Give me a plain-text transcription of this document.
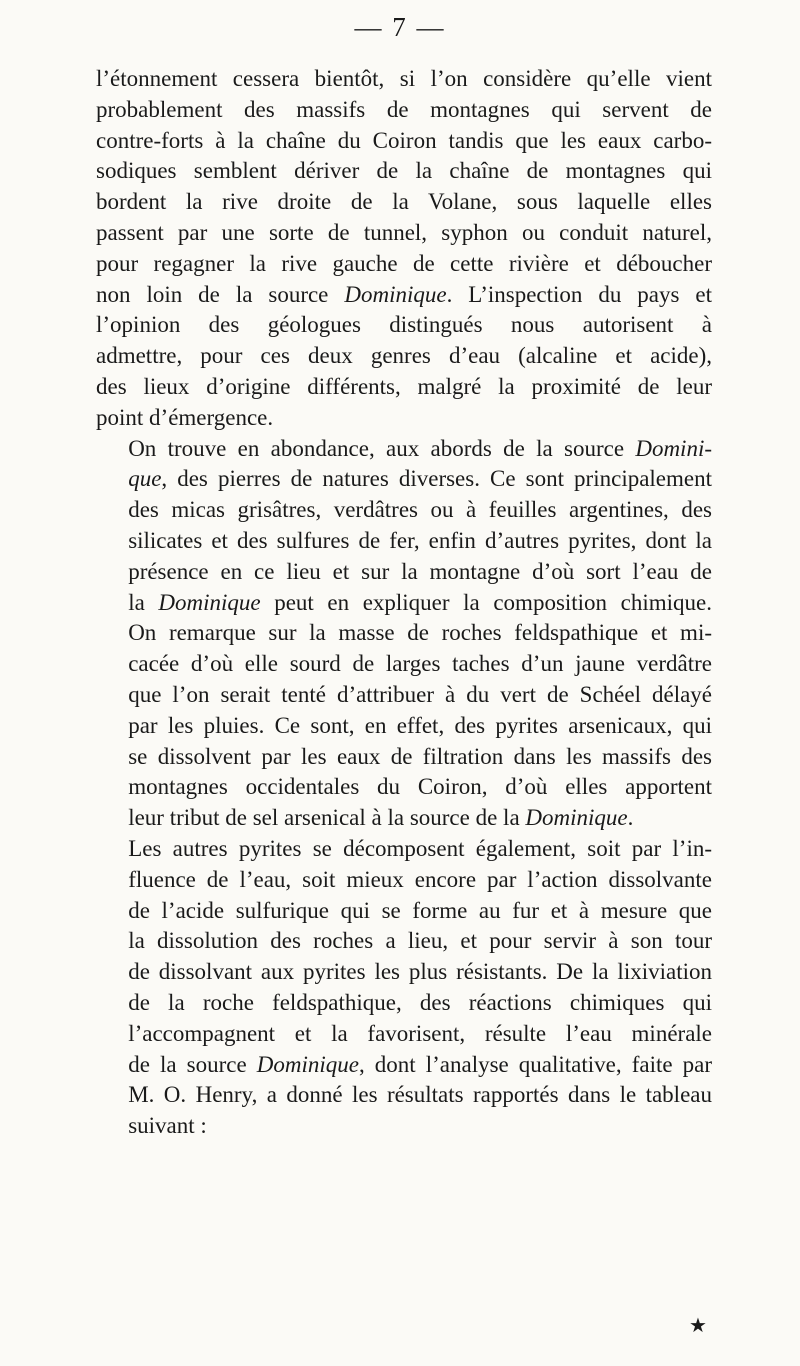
— 7 —

l’étonnement cessera bientôt, si l’on considère qu’elle vient
probablement des massifs de montagnes qui servent de
contre-forts à la chaîne du Coiron tandis que les eaux carbo-
sodiques semblent dériver de la chaîne de montagnes qui
bordent la rive droite de la Volane, sous laquelle elles
passent par une sorte de tunnel, syphon ou conduit naturel,
pour regagner la rive gauche de cette rivière et déboucher
non loin de la source Dominique. L’inspection du pays et
l’opinion des géologues distingués nous autorisent à
admettre, pour ces deux genres d’eau (alcaline et acide),
des lieux d’origine différents, malgré la proximité de leur
point d’émergence.

On trouve en abondance, aux abords de la source Domini-
que, des pierres de natures diverses. Ce sont principalement
des micas grisâtres, verdâtres ou à feuilles argentines, des
silicates et des sulfures de fer, enfin d’autres pyrites, dont la
présence en ce lieu et sur la montagne d’où sort l’eau de
la Dominique peut en expliquer la composition chimique.
On remarque sur la masse de roches feldspathique et mi-
cacée d’où elle sourd de larges taches d’un jaune verdâtre
que l’on serait tenté d’attribuer à du vert de Schéel délayé
par les pluies. Ce sont, en effet, des pyrites arsenicaux, qui
se dissolvent par les eaux de filtration dans les massifs des
montagnes occidentales du Coiron, d’où elles apportent
leur tribut de sel arsenical à la source de la Dominique.

Les autres pyrites se décomposent également, soit par l’in-
fluence de l’eau, soit mieux encore par l’action dissolvante
de l’acide sulfurique qui se forme au fur et à mesure que
la dissolution des roches a lieu, et pour servir à son tour
de dissolvant aux pyrites les plus résistants. De la lixiviation
de la roche feldspathique, des réactions chimiques qui
l’accompagnent et la favorisent, résulte l’eau minérale
de la source Dominique, dont l’analyse qualitative, faite par
M. O. Henry, a donné les résultats rapportés dans le tableau
suivant :

★
